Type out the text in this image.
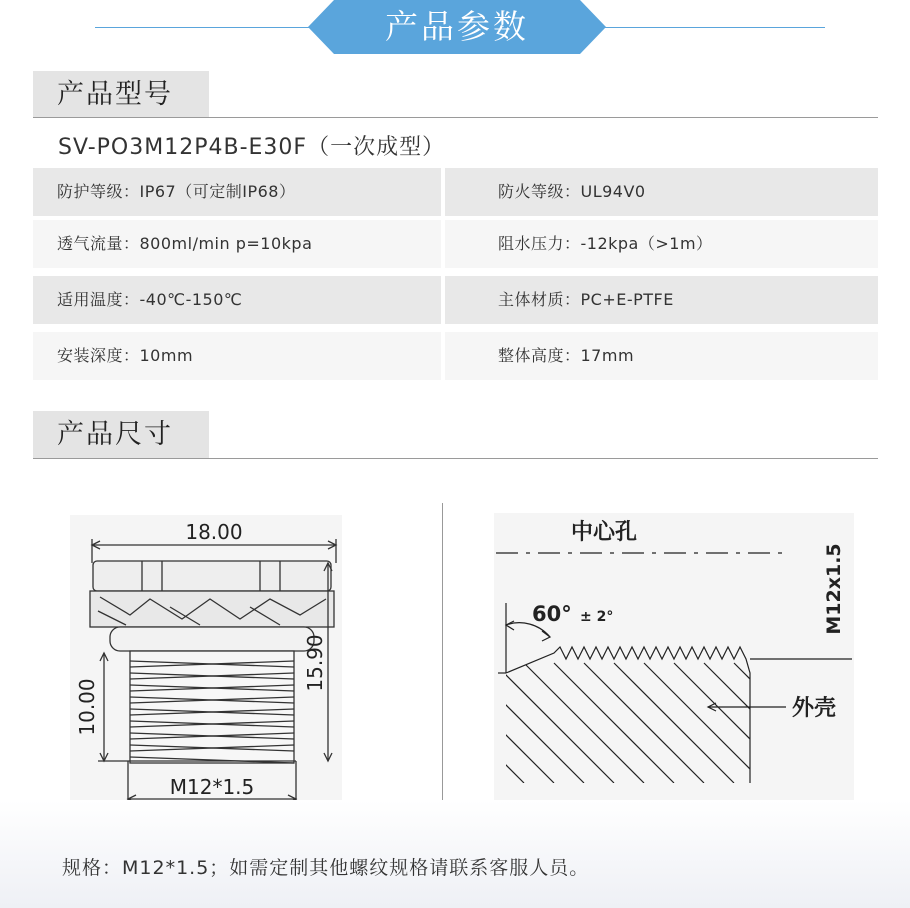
产品参数
产品型号
SV-PO3M12P4B-E30F（一次成型）
防护等级：IP67（可定制IP68）	防火等级：UL94V0
透气流量：800ml/min p=10kpa	阻水压力：-12kpa（>1m）
适用温度：-40℃-150℃	主体材质：PC+E-PTFE
安装深度：10mm	整体高度：17mm
产品尺寸
18.00
15.90
10.00
M12*1.5
中心孔
60° ± 2°	M12x1.5
外壳
规格：M12*1.5；如需定制其他螺纹规格请联系客服人员。
